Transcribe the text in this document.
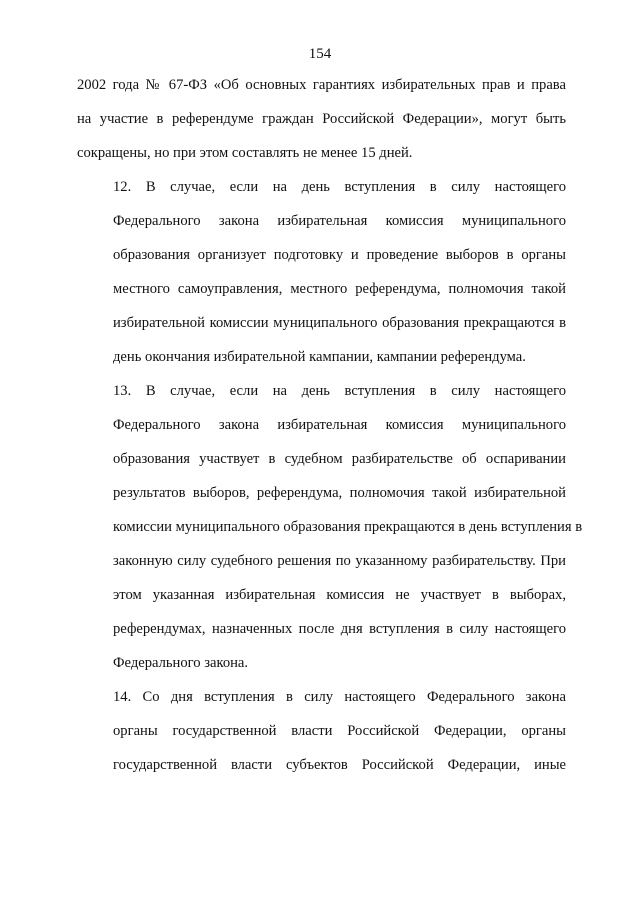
154

2002 года № 67-ФЗ «Об основных гарантиях избирательных прав и права
на участие в референдуме граждан Российской Федерации», могут быть
сокращены, но при этом составлять не менее 15 дней.

12. В случае, если на день вступления в силу настоящего
Федерального закона избирательная комиссия муниципального
образования организует подготовку и проведение выборов в органы
местного самоуправления, местного референдума, полномочия такой
избирательной комиссии муниципального образования прекращаются в
день окончания избирательной кампании, кампании референдума.

13. В случае, если на день вступления в силу настоящего
Федерального закона избирательная комиссия муниципального
образования участвует в судебном разбирательстве об оспаривании
результатов выборов, референдума, полномочия такой избирательной
комиссии муниципального образования прекращаются в день вступления в
законную силу судебного решения по указанному разбирательству. При
этом указанная избирательная комиссия не участвует в выборах,
референдумах, назначенных после дня вступления в силу настоящего
Федерального закона.

14. Со дня вступления в силу настоящего Федерального закона
органы государственной власти Российской Федерации, органы
государственной власти субъектов Российской Федерации, иные
